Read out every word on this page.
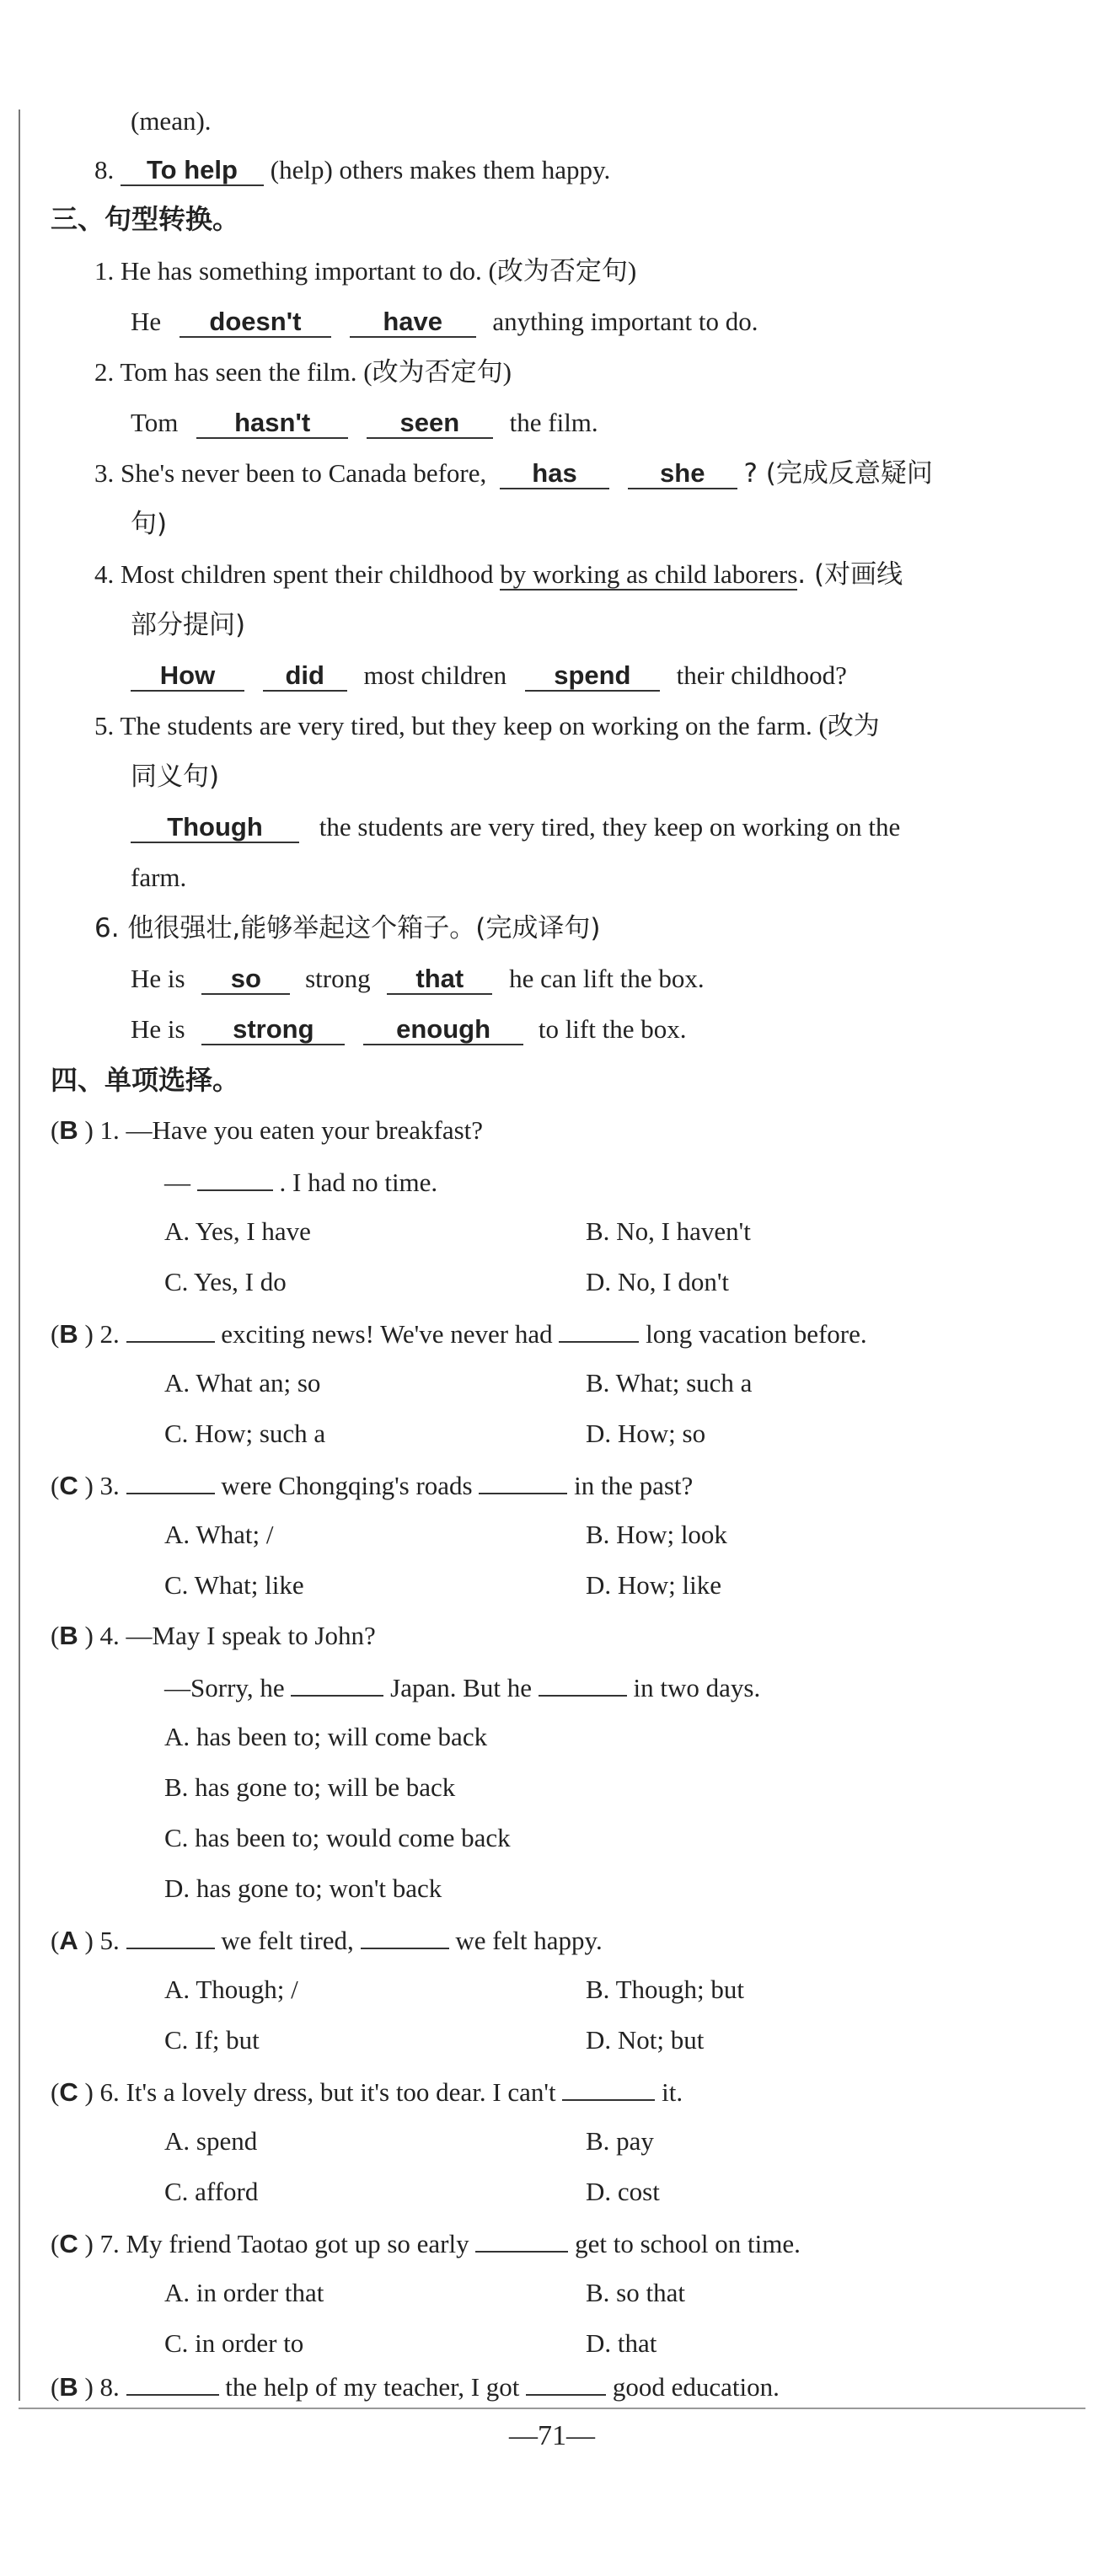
(mean).
8. To help (help) others makes them happy.
三、句型转换。
1. He has something important to do. (改为否定句)
He doesn't	have anything important to do.
2. Tom has seen the film. (改为否定句)
Tom hasn't	seen the film.
3. She's never been to Canada before, has	she ? (完成反意疑问
句)
4. Most children spent their childhood by working as child laborers. (对画线
部分提问)
How	did most children spend their childhood?
5. The students are very tired, but they keep on working on the farm. (改为
同义句)
Though the students are very tired, they keep on working on the
farm.
6. 他很强壮,能够举起这个箱子。(完成译句)
He is so strong that he can lift the box.
He is strong	enough to lift the box.
四、单项选择。
(B ) 1. —Have you eaten your breakfast?
—	. I had no time.
A. Yes, I have	B. No, I haven't
C. Yes, I do	D. No, I don't
(B ) 2.	exciting news! We've never had	long vacation before.
A. What an; so	B. What; such a
C. How; such a	D. How; so
(C ) 3.	were Chongqing's roads	in the past?
A. What; /	B. How; look
C. What; like	D. How; like
(B ) 4. —May I speak to John?
—Sorry, he	Japan. But he	in two days.
A. has been to; will come back
B. has gone to; will be back
C. has been to; would come back
D. has gone to; won't back
(A ) 5.	we felt tired,	we felt happy.
A. Though; /	B. Though; but
C. If; but	D. Not; but
(C ) 6. It's a lovely dress, but it's too dear. I can't	it.
A. spend	B. pay
C. afford	D. cost
(C ) 7. My friend Taotao got up so early	get to school on time.
A. in order that	B. so that
C. in order to	D. that
(B ) 8.	the help of my teacher, I got	good education.
—71—
